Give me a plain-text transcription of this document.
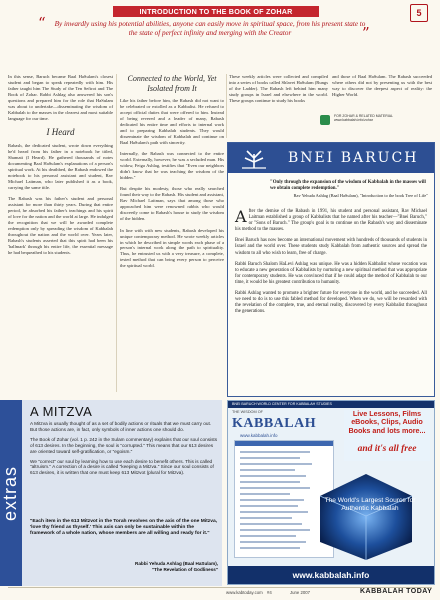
INTRODUCTION TO THE BOOK OF ZOHAR
“	By inwardly using his potential abilities, anyone can easily move in spiritual space, from his present state to the state of perfect infinity and merging with the Creator	”
5

In this sense, Baruch became Baal HaSulam's closest student and began to speak repeatedly with him. His father taught him The Study of the Ten Sefirot and The Book of Zohar. Rabbi Ashlag also answered his son's questions and prepared him for the role that HaSulam was about to undertake—disseminating the wisdom of Kabbalah to the masses in the clearest and most suitable language for our time.

I Heard

Rabash, the dedicated student, wrote down everything he'd heard from his father in a notebook he titled, Shamati (I Heard). He gathered thousands of notes documenting Baal HaSulam's explanations of a person's spiritual work. At his deathbed, the Rabash endowed the notebook to his personal assistant and student, Rav Michael Laitman, who later published it as a book, carrying the same title.

The Rabash was his father's student and personal assistant for more than thirty years. During that entire period, he absorbed his father's teachings and his spirit of love for the nation and the world at large. He indulged the recognition that we will be awarded complete redemption only by spreading the wisdom of Kabbalah throughout the nation and the world over. Years later, Rabash's students asserted that this spirit had been his 'hallmark' through his entire life, the essential message he had bequeathed to his students.

Connected to the World, Yet Isolated from It

Like his father before him, the Rabash did not want to be celebrated or extolled as a Kabbalist. He refused to accept official duties that were offered to him. Instead of being revered and a leader of many, Rabash dedicated his entire time and efforts to internal work and to preparing Kabbalah students. They would disseminate the wisdom of Kabbalah and continue on Baal HaSulam's path with sincerity.

Internally, the Rabash was connected to the entire world. Externally, however, he was a secluded man. His widow, Feiga Ashlag, testifies that "Even our neighbors didn't know that he was teaching the wisdom of the hidden."

But despite his modesty, those who really searched found their way to the Rabash. His student and assistant, Rav Michael Laitman, says that among those who approached him were renowned rabbis who would discreetly come to Rabash's house to study the wisdom of the hidden.

In line with with new students, Rabash developed his unique contemporary method. He wrote weekly articles in which he described in simple words each phase of a person's internal work along the path to spirituality. Thus, he entrusted us with a very treasure, a complete, tested method that can bring every person to perceive the spiritual world.

These weekly articles were collected and compiled into a series of books called Shlavei HaSulam (Rungs of the Ladder). The Rabash left behind him many study groups in Israel and elsewhere in the world. These groups continue to study his books

and those of Baal HaSulam. The Rabash succeeded where others did not by presenting us with the best way to discover the deepest aspect of reality: the Higher World.

FOR ZOHAR & RELATED MATERIAL
www.kabbalah.info/zohar
BNEI BARUCH
"Only through the expansion of the wisdom of Kabbalah in the masses will we obtain complete redemption."
Rav Yehuda Ashlag (Baal HaSulam), "Introduction to the book Tree of Life"

After the demise of the Rabash in 1991, his student and personal assistant, Rav Michael Laitman established a group of Kabbalists that he named after his teacher—"Bnei Baruch," or "Sons of Baruch." The group's goal is to continue on the Rabash's way and disseminate his method to the masses.

Bnei Baruch has now become an international movement with hundreds of thousands of students in Israel and the world over. These students study Kabbalah from authentic sources and spread the wisdom to all who wish to learn, free of charge.

Rabbi Baruch Shalom HaLevi Ashlag was unique. He was a hidden Kabbalist whose vocation was to educate a new generation of Kabbalists by nurturing a new spiritual method that was appropriate for contemporary students. He was convinced that if he could adapt the method of Kabbalah to our time, it would be his greatest contribution to humanity.

Rabbi Ashlag wanted to promote a brighter future for everyone in the world, and he succeeded. All we need to do is to use this fabled method for developed. When we do, we will be rewarded with the revelation of the complete, true, and eternal reality, discovered by every Kabbalist throughout the generations.

extras
A MITZVA

A Mitzva is usually thought of as a set of bodily actions or rituals that we must carry out. But those actions are, in fact, only symbols of inner actions one should do.

The Book of Zohar (vol. 1 p. 242 in the Sulam commentary) explains that our soul consists of 613 desires. In the beginning, the soul is "corrupted." This means that our 613 desires are oriented toward self-gratification, or "egoism."

We "correct" our soul by learning how to use each desire to benefit others. This is called "altruism." A correction of a desire is called "keeping a Mitzva." Since our soul consists of 613 desires, it is written that one must keep 613 Mitzvot (plural for Mitzva).

"Each item in the 613 Mitzvot in the Torah revolves on the axis of the one Mitzva, 'love thy friend as thyself.' This axis can only be sustainable within the framework of a whole nation, whose members are all willing and ready for it."
Rabbi Yehuda Ashlag (Baal HaSulam),
"The Revelation of Godliness"
BNEI BARUCH WORLD CENTER FOR KABBALAH STUDIES
THE WISDOM OF
KABBALAH
www.kabbalah.info
Live Lessons, Films eBooks, Clips, Audio Books and lots more...
and it's all free
The World's Largest Source for Authentic Kabbalah
www.kabbalah.info
www.kabtoday.com #4	June 2007	KABBALAH TODAY
